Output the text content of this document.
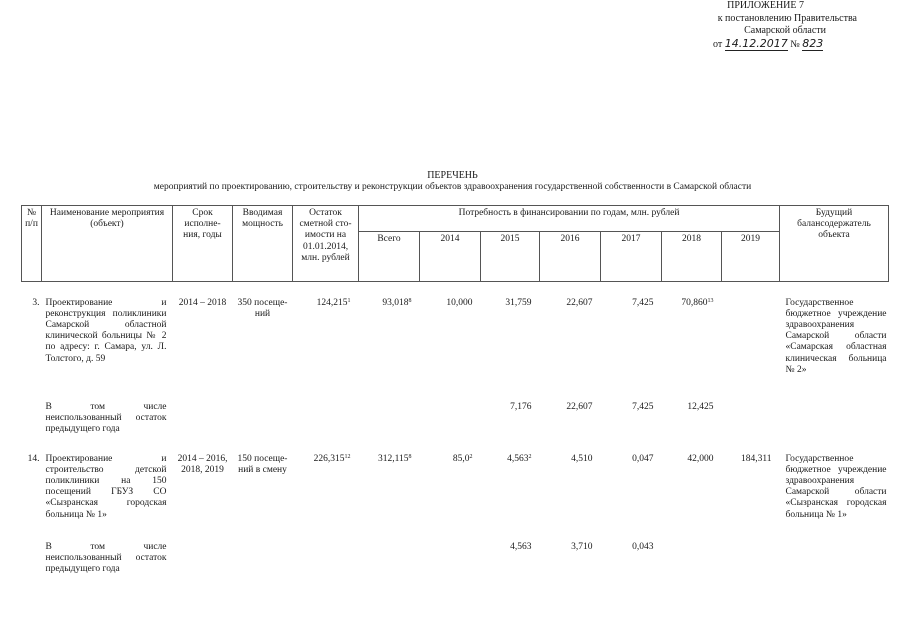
ПРИЛОЖЕНИЕ 7
к постановлению Правительства
Самарской области
от 14.12.2017 № 823
ПЕРЕЧЕНЬ
мероприятий по проектированию, строительству и реконструкции объектов здравоохранения государственной собственности в Самарской области
№ п/п	Наименование мероприятия (объект)	Срок исполне-ния, годы	Вводимая мощность	Остаток сметной сто-имости на 01.01.2014, млн. рублей	Потребность в финансировании по годам, млн. рублей							Будущий балансодержатель объекта
					Всего	2014	2015	2016	2017	2018	2019	

3.	Проектирование и реконструкция поликлиники Самарской областной клинической больницы № 2 по адресу: г. Самара, ул. Л. Толстого, д. 59	2014 – 2018	350 посеще-ний	124,215$^1$	93,018$^8$	10,000	31,759	22,607	7,425	70,860$^{13}$		Государственное бюджетное учреждение здравоохранения Самарской области «Самарская областная клиническая больница № 2»
	В том числе неиспользованный остаток предыдущего года						7,176	22,607	7,425	12,425		
14.	Проектирование и строительство детской поликлиники на 150 посещений ГБУЗ СО «Сызранская городская больница № 1»	2014 – 2016, 2018, 2019	150 посеще-ний в смену	226,315$^{12}$	312,115$^8$	85,0$^2$	4,563$^2$	4,510	0,047	42,000	184,311	Государственное бюджетное учреждение здравоохранения Самарской области «Сызранская городская больница № 1»
	В том числе неиспользованный остаток предыдущего года						4,563	3,710	0,043			
